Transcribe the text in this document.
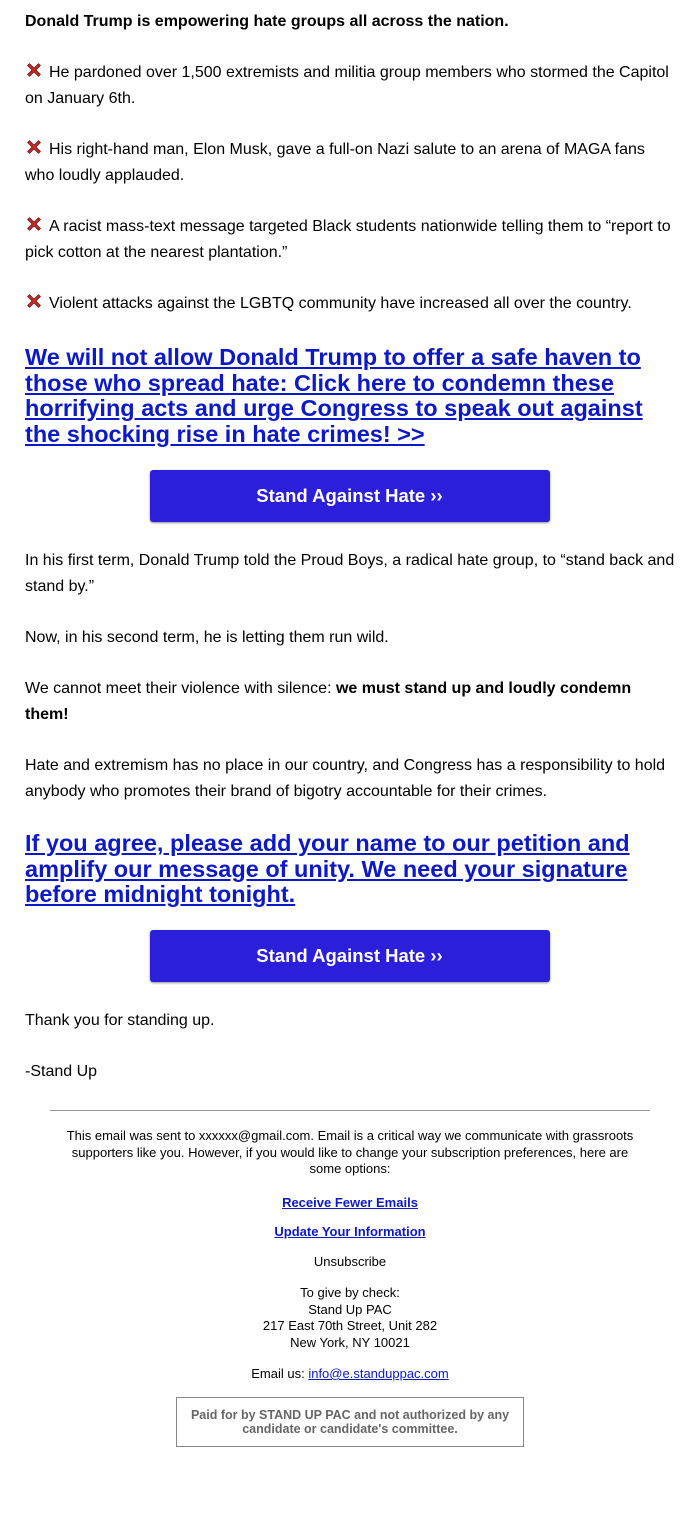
Donald Trump is empowering hate groups all across the nation.

He pardoned over 1,500 extremists and militia group members who stormed the Capitol on January 6th.

His right-hand man, Elon Musk, gave a full-on Nazi salute to an arena of MAGA fans who loudly applauded.

A racist mass-text message targeted Black students nationwide telling them to “report to pick cotton at the nearest plantation.”

Violent attacks against the LGBTQ community have increased all over the country.

We will not allow Donald Trump to offer a safe haven to those who spread hate: Click here to condemn these horrifying acts and urge Congress to speak out against the shocking rise in hate crimes! >>
Stand Against Hate ››

In his first term, Donald Trump told the Proud Boys, a radical hate group, to “stand back and stand by.”

Now, in his second term, he is letting them run wild.

We cannot meet their violence with silence: we must stand up and loudly condemn them!

Hate and extremism has no place in our country, and Congress has a responsibility to hold anybody who promotes their brand of bigotry accountable for their crimes.

If you agree, please add your name to our petition and amplify our message of unity. We need your signature before midnight tonight.
Stand Against Hate ››

Thank you for standing up.

-Stand Up

This email was sent to xxxxxx@gmail.com. Email is a critical way we communicate with grassroots supporters like you. However, if you would like to change your subscription preferences, here are some options:

Receive Fewer Emails

Update Your Information

Unsubscribe

To give by check:
Stand Up PAC
217 East 70th Street, Unit 282
New York, NY 10021

Email us: info@e.standuppac.com

Paid for by STAND UP PAC and not authorized by any candidate or candidate's committee.
